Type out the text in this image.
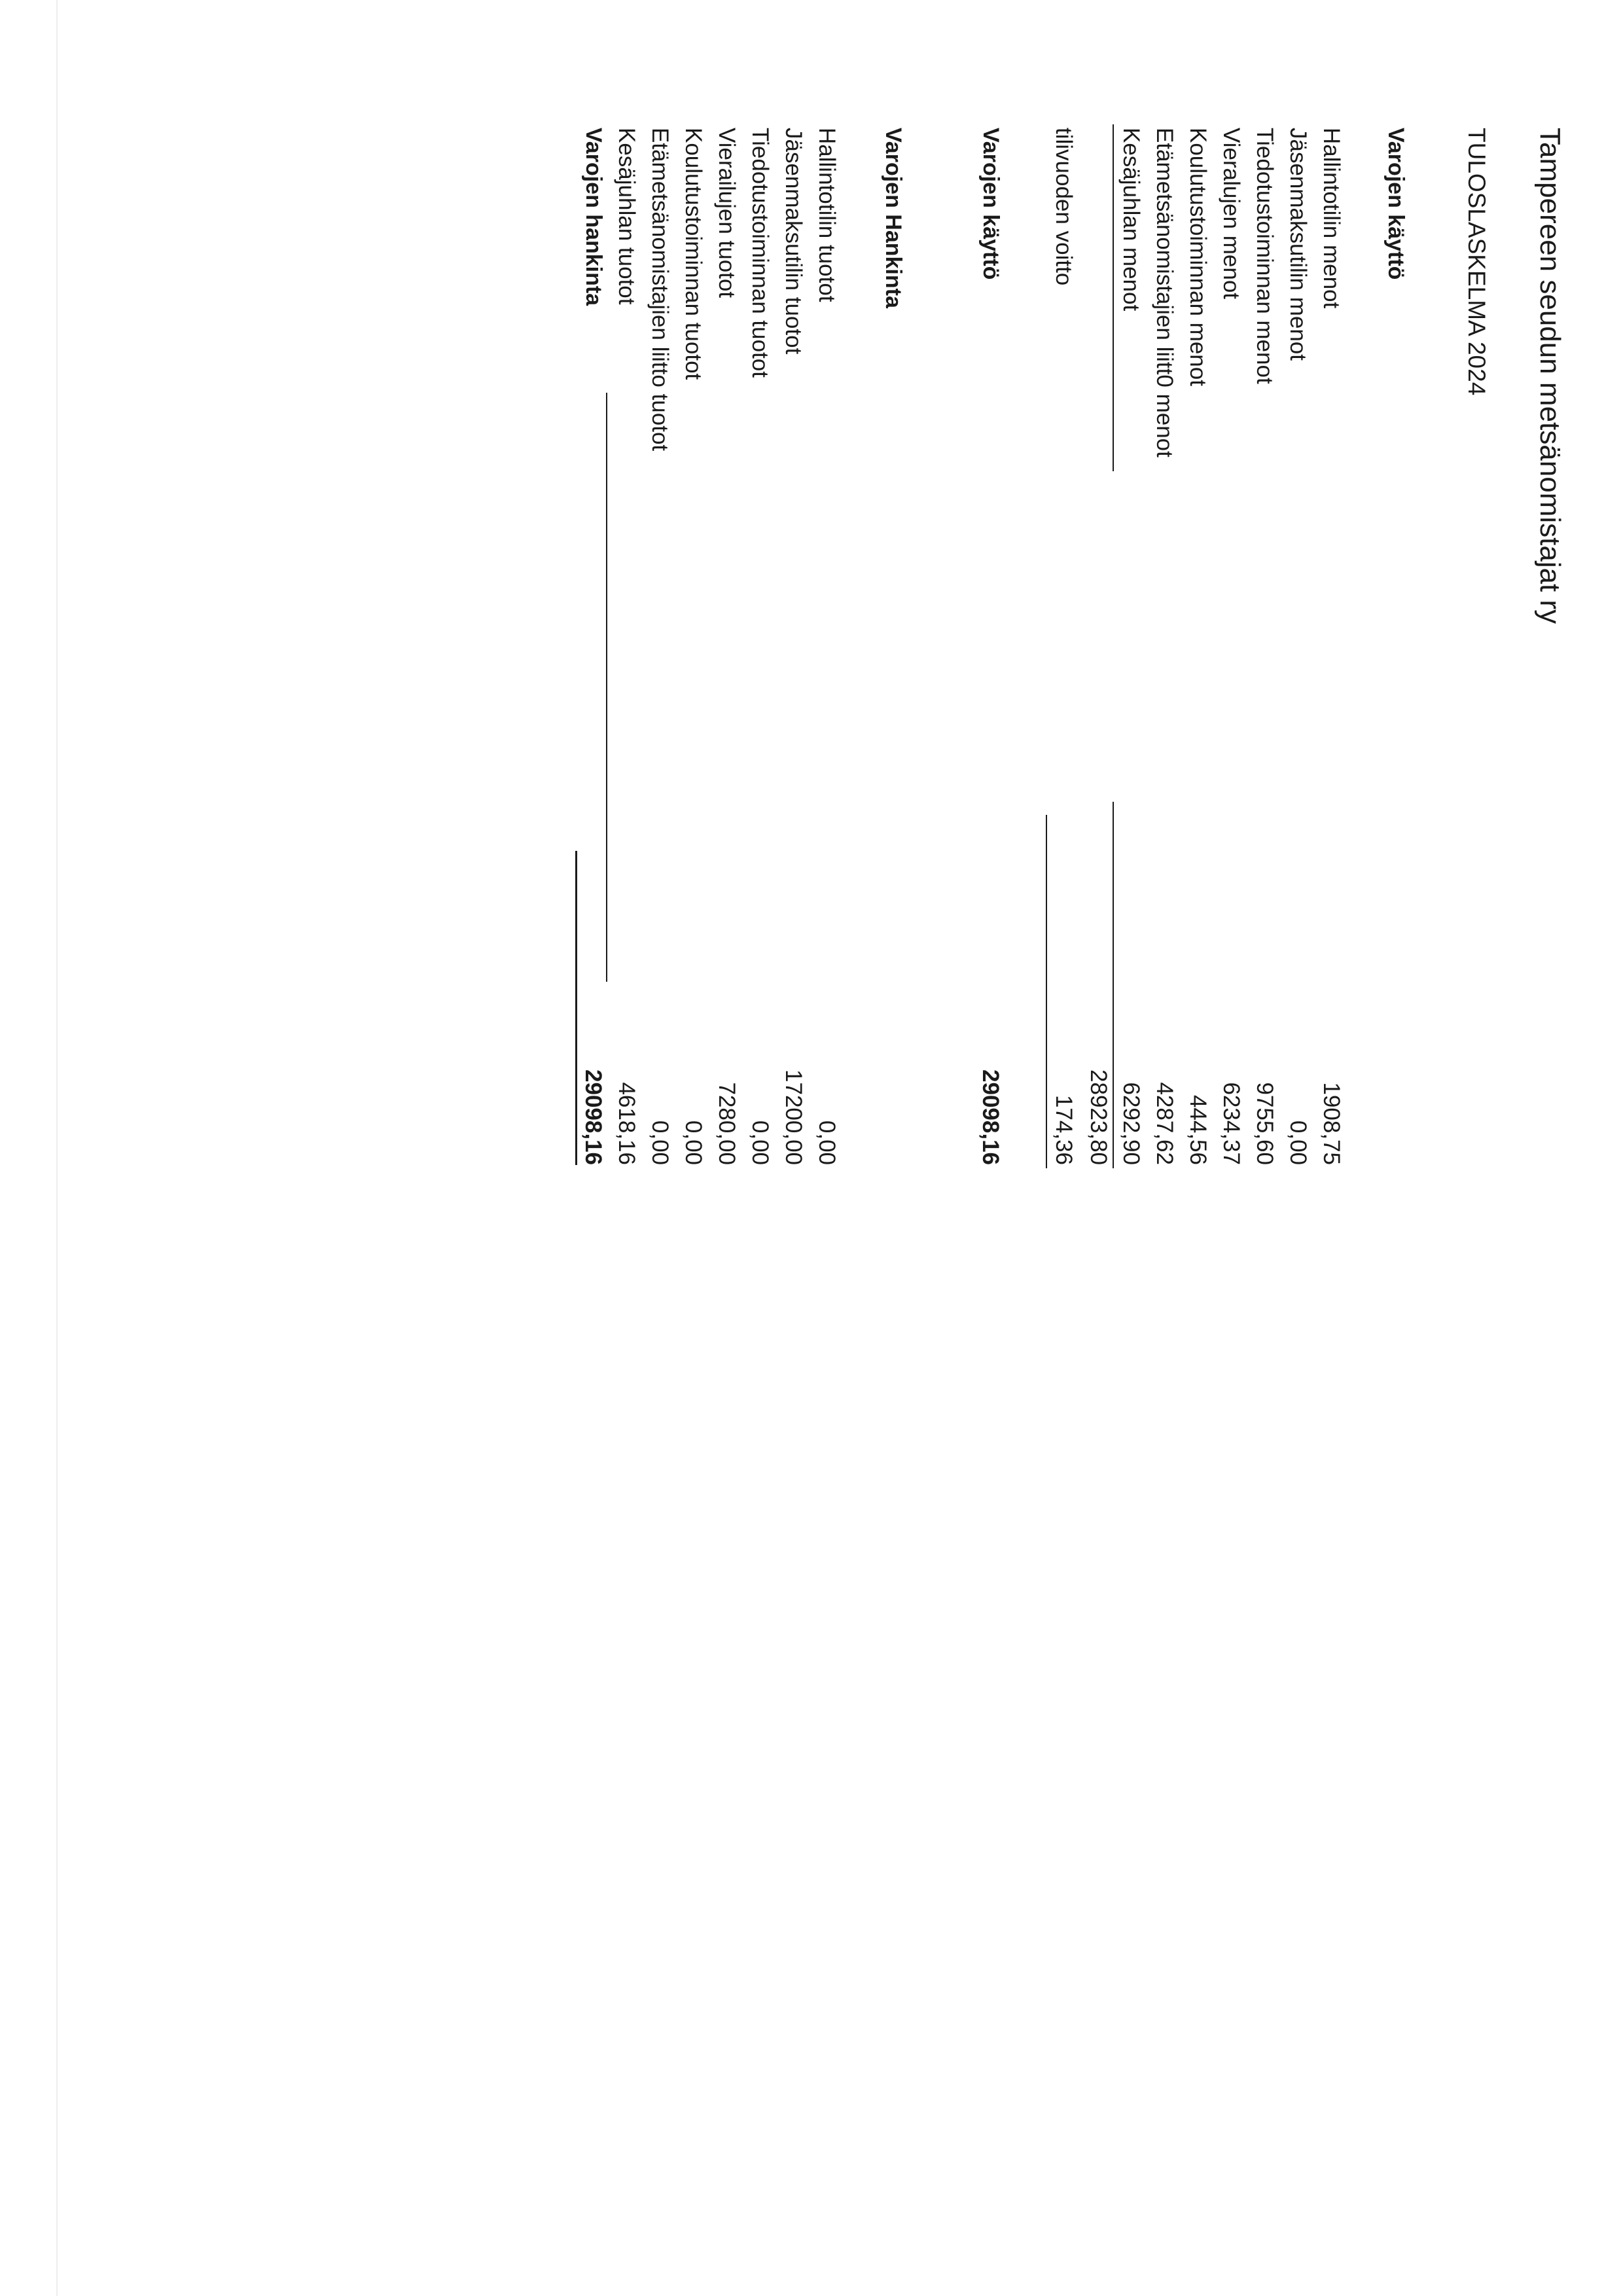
Tampereen seudun metsänomistajat ry
TULOSLASKELMA 2024
Varojen käyttö
Hallintotilin menot
1908,75
Jäsenmaksutilin menot
0,00
Tiedotustoiminnan menot
9755,60
Vieralujen menot
6234,37
Koulutustoiminnan menot
444,56
Etämetsänomistajien liitt0 menot
4287,62
Kesäjuhlan menot
6292,90
28923,80
tilivuoden voitto
174,36
Varojen käyttö
29098,16
Varojen Hankinta
Hallintotilin tuotot
0,00
Jäsenmaksutilin tuotot
17200,00
Tiedotustoiminnan tuotot
0,00
Vierailujen tuotot
7280,00
Koulutustoiminnan tuotot
0,00
Etämetsänomistajien liitto tuotot
0,00
Kesäjuhlan tuotot
4618,16
Varojen hankinta
29098,16
